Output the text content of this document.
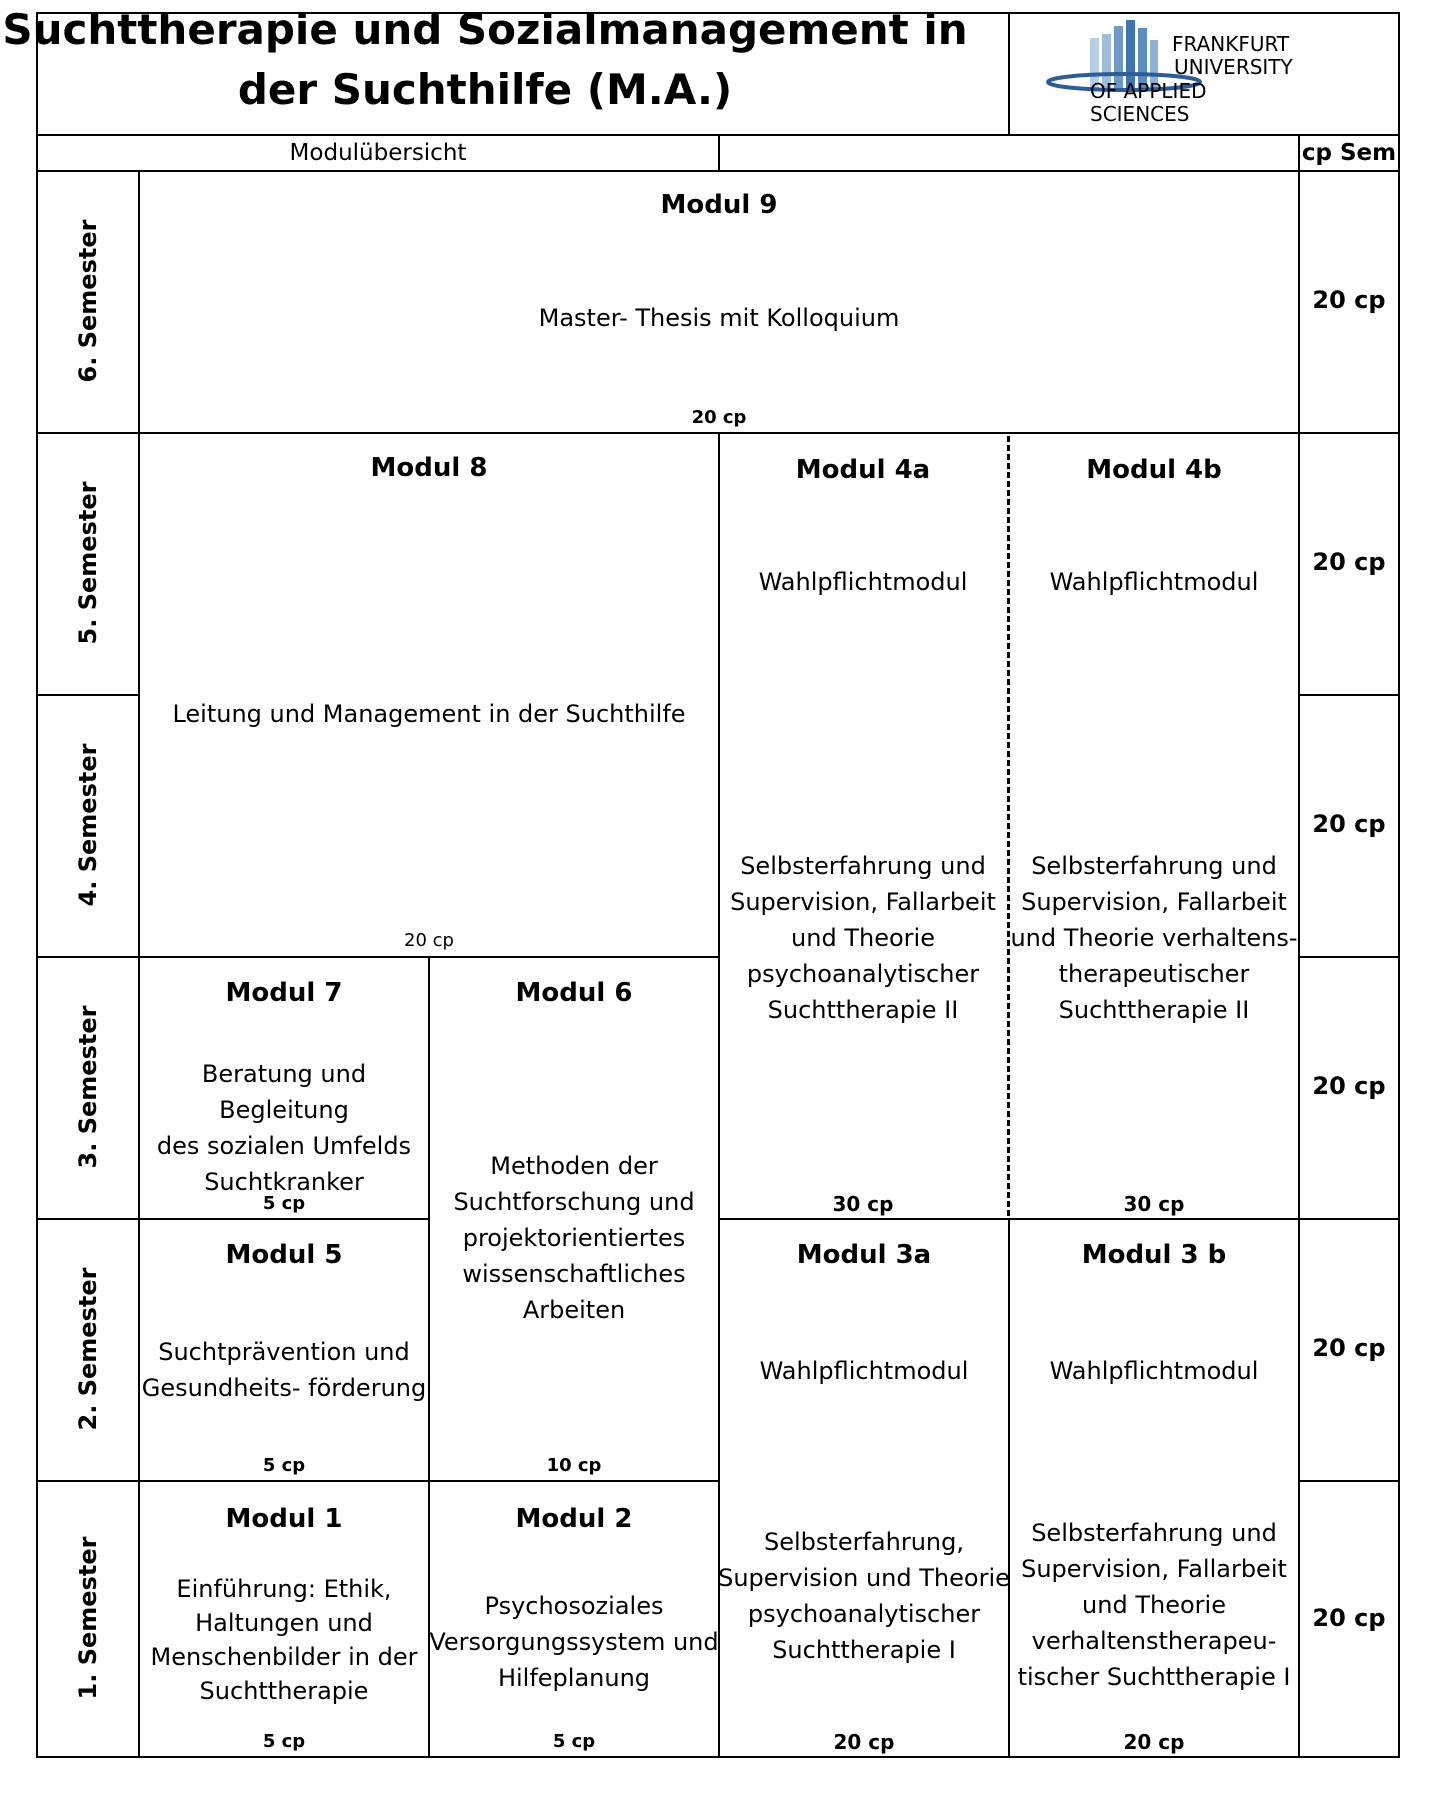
Suchttherapie und Sozialmanagement in der Suchthilfe (M.A.)
FRANKFURT
UNIVERSITY
OF APPLIED SCIENCES
Modulübersicht	cp Sem
6. Semester
5. Semester
4. Semester
3. Semester
2. Semester
1. Semester
20 cp
20 cp
20 cp
20 cp
20 cp
20 cp
Modul 9
Master- Thesis mit Kolloquium
20 cp
Modul 8
Leitung und Management in der Suchthilfe
20 cp
Modul 4a
Wahlpflichtmodul
Selbsterfahrung und
Supervision, Fallarbeit
und Theorie
psychoanalytischer
Suchttherapie II
30 cp
Modul 4b
Wahlpflichtmodul
Selbsterfahrung und
Supervision, Fallarbeit
und Theorie verhaltens-
therapeutischer
Suchttherapie II
30 cp
Modul 7
Beratung und Begleitung
des sozialen Umfelds
Suchtkranker
5 cp
Modul 6
Methoden der
Suchtforschung und
projektorientiertes
wissenschaftliches
Arbeiten
10 cp
Modul 5
Suchtprävention und
Gesundheits- förderung
5 cp
Modul 3a
Wahlpflichtmodul
Selbsterfahrung,
Supervision und Theorie
psychoanalytischer
Suchttherapie I
20 cp
Modul 3 b
Wahlpflichtmodul
Selbsterfahrung und
Supervision, Fallarbeit
und Theorie
verhaltenstherapeu-
tischer Suchttherapie I
20 cp
Modul 1
Einführung: Ethik,
Haltungen und
Menschenbilder in der
Suchttherapie
5 cp
Modul 2
Psychosoziales
Versorgungssystem und
Hilfeplanung
5 cp
